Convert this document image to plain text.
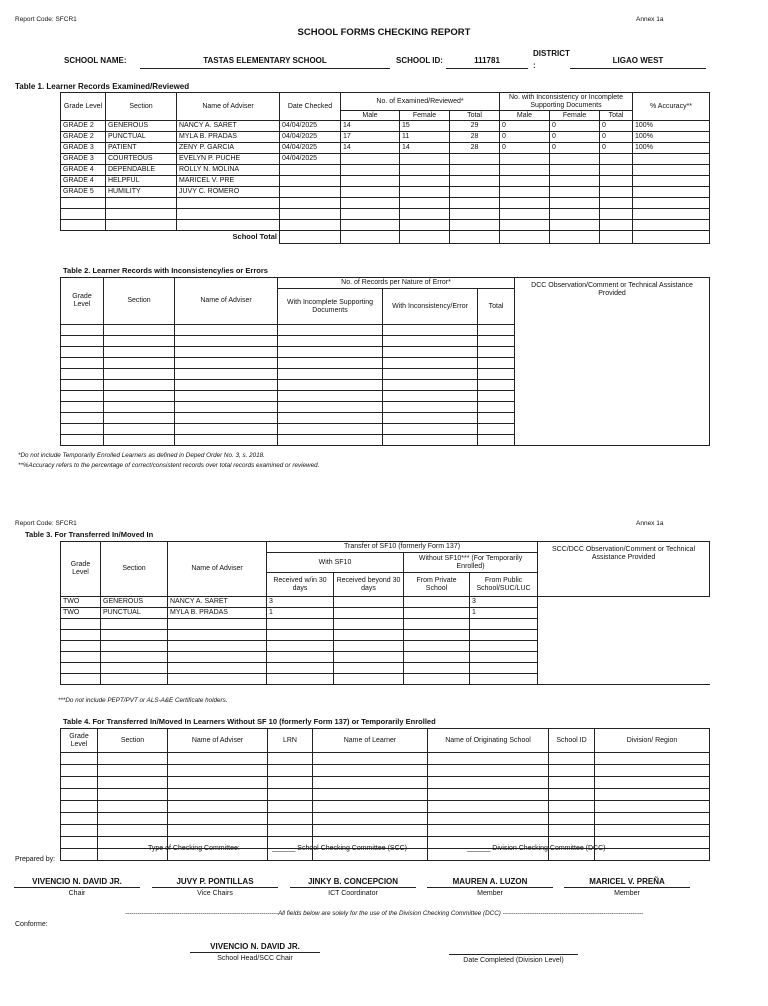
Report Code: SFCR1	Annex 1a
SCHOOL FORMS CHECKING REPORT
SCHOOL NAME:	TASTAS ELEMENTARY SCHOOL	SCHOOL ID:	111781
DISTRICT
:
LIGAO WEST
Table 1. Learner Records Examined/Reviewed
Grade Level	Section	Name of Adviser	Date Checked	No. of Examined/Reviewed*			No. with Inconsistency or Incomplete Supporting Documents			% Accuracy**
				Male	Female	Total	Male	Female	Total	
GRADE 2	GENEROUS	NANCY A. SARET	04/04/2025	14	15	29	0	0	0	100%
GRADE 2	PUNCTUAL	MYLA B. PRADAS	04/04/2025	17	11	28	0	0	0	100%
GRADE 3	PATIENT	ZENY P. GARCIA	04/04/2025	14	14	28	0	0	0	100%
GRADE 3	COURTEOUS	EVELYN P. PUCHE	04/04/2025							
GRADE 4	DEPENDABLE	ROLLY N. MOLINA								
GRADE 4	HELPFUL	MARICEL V. PRE								
GRADE 5	HUMILITY	JUVY C. ROMERO								

		School Total								
Table 2. Learner Records with Inconsistency/ies or Errors
Grade Level	Section	Name of Adviser	No. of Records per Nature of Error*			DCC Observation/Comment or Technical Assistance Provided
			With Incomplete Supporting Documents	With Inconsistency/Error	Total	

*Do not include Temporarily Enrolled Learners as defined in Deped Order No. 3, s. 2018.
**%Accuracy refers to the percentage of correct/consistent records over total records examined or reviewed.
Report Code: SFCR1	Annex 1a
Table 3. For Transferred In/Moved In
Grade Level	Section	Name of Adviser	Transfer of SF10 (formerly Form 137)				SCC/DCC Observation/Comment or Technical Assistance Provided
			With SF10		Without SF10*** (For Temporarily Enrolled)		
			Received w/in 30 days	Received beyond 30 days	From Private School	From Public School/SUC/LUC	
TWO	GENEROUS	NANCY A. SARET	3			3	
TWO	PUNCTUAL	MYLA B. PRADAS	1			1	

***Do not include PEPT/PVT or ALS-A&E Certificate holders.
Table 4. For Transferred In/Moved In Learners Without SF 10 (formerly Form 137) or Temporarily Enrolled
Grade Level	Section	Name of Adviser	LRN	Name of Learner	Name of Originating School	School ID	Division/ Region

Type of Checking Committee:	______ School Checking Committee (SCC)	______ Division Checking Committee (DCC)
Prepared by:
VIVENCIO N. DAVID JR.
Chair
JUVY P. PONTILLAS
Vice Chairs
JINKY B. CONCEPCION
ICT Coordinator
MAUREN A. LUZON
Member
MARICEL V. PREÑA
Member
-------------------------------------------------------------------------All fields below are solely for the use of the Division Checking Committee (DCC) -------------------------------------------------------------------
Conforme:
VIVENCIO N. DAVID JR.
School Head/SCC Chair	Date Completed (Division Level)
